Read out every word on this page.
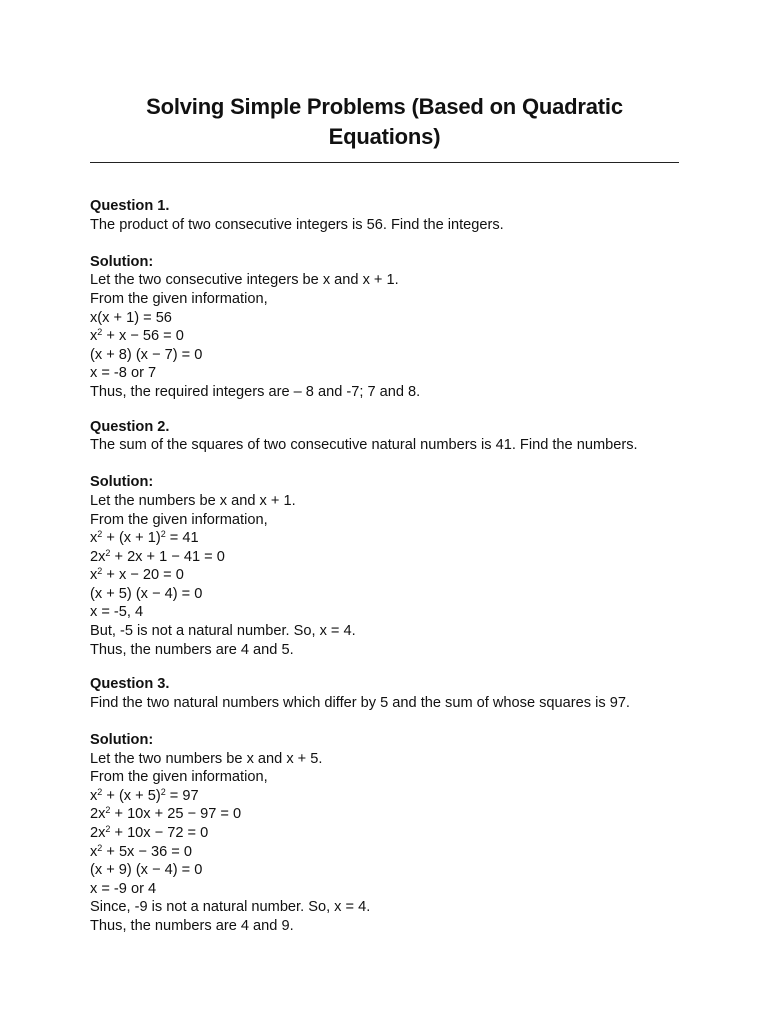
Solving Simple Problems (Based on Quadratic Equations)
Question 1.
The product of two consecutive integers is 56. Find the integers.
Solution:
Let the two consecutive integers be x and x + 1.
From the given information,
x(x + 1) = 56
$x^2 + x - 56 = 0$
(x + 8) (x − 7) = 0
x = -8 or 7
Thus, the required integers are – 8 and -7; 7 and 8.
Question 2.
The sum of the squares of two consecutive natural numbers is 41. Find the numbers.
Solution:
Let the numbers be x and x + 1.
From the given information,
$x^2 + (x + 1)^2 = 41$
$2x^2 + 2x + 1 - 41 = 0$
$x^2 + x - 20 = 0$
(x + 5) (x − 4) = 0
x = -5, 4
But, -5 is not a natural number. So, x = 4.
Thus, the numbers are 4 and 5.
Question 3.
Find the two natural numbers which differ by 5 and the sum of whose squares is 97.
Solution:
Let the two numbers be x and x + 5.
From the given information,
$x^2 + (x + 5)^2 = 97$
$2x^2 + 10x + 25 - 97 = 0$
$2x^2 + 10x - 72 = 0$
$x^2 + 5x - 36 = 0$
(x + 9) (x − 4) = 0
x = -9 or 4
Since, -9 is not a natural number. So, x = 4.
Thus, the numbers are 4 and 9.
